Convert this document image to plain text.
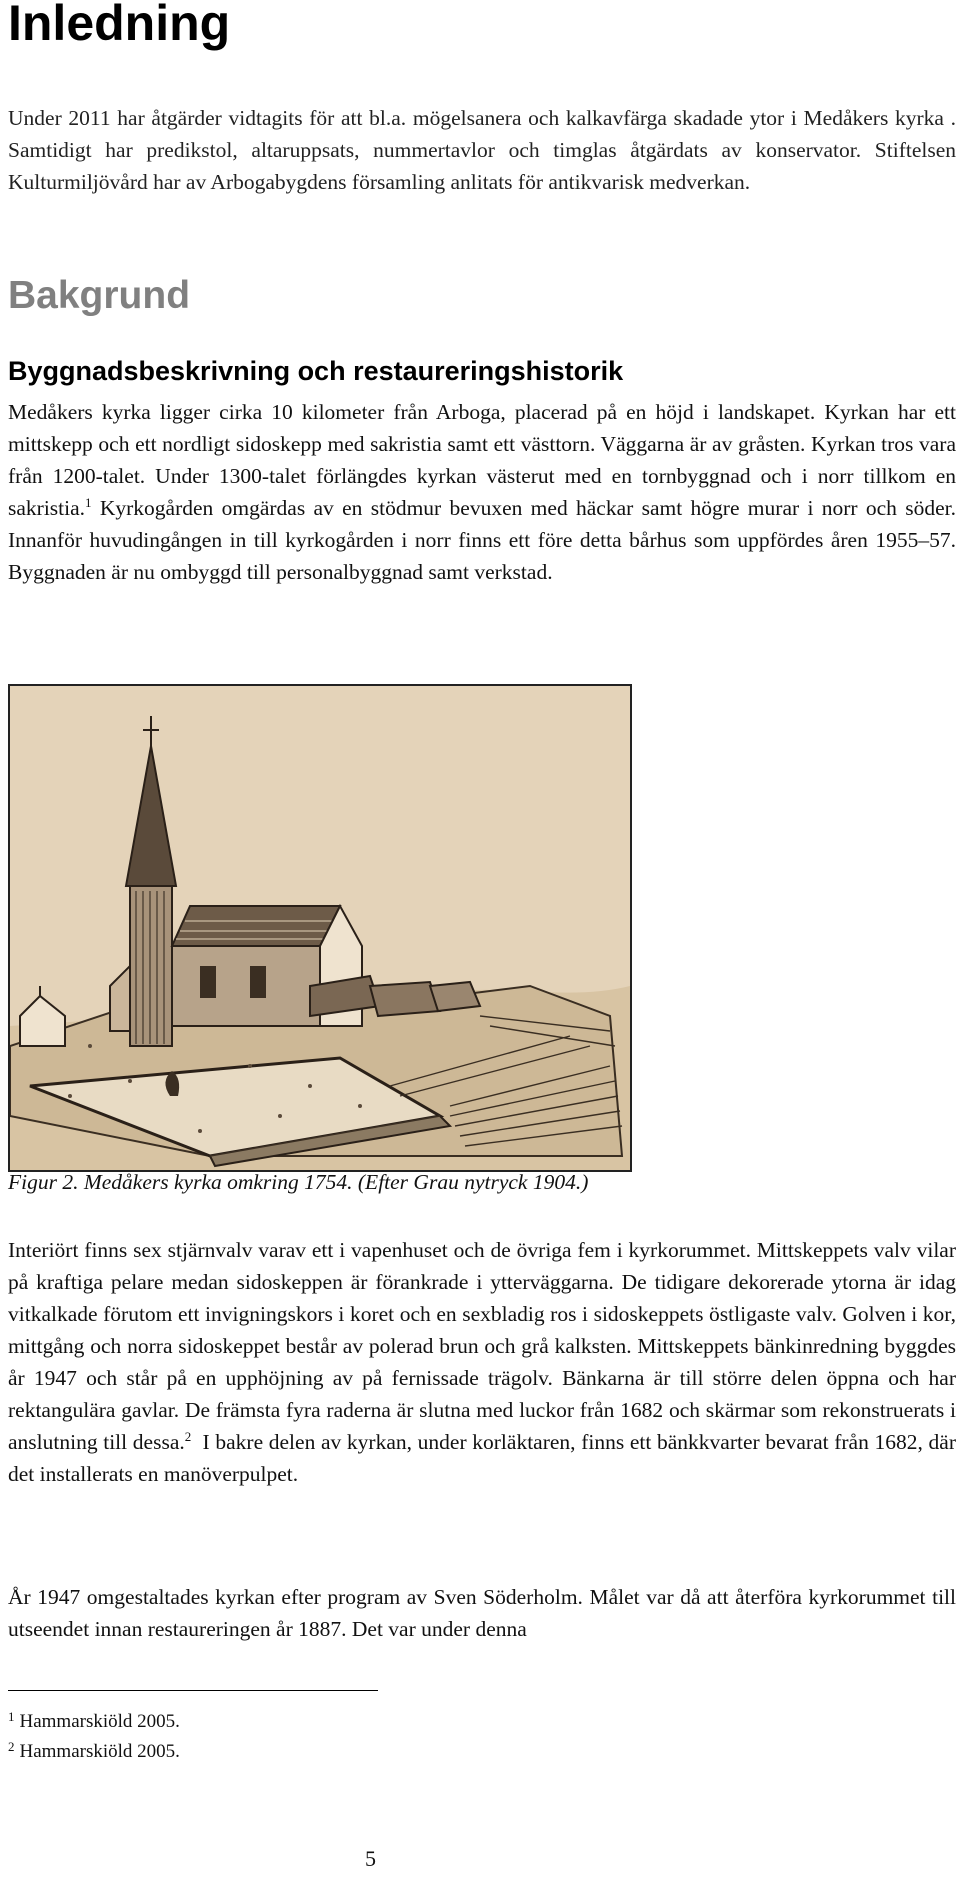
Inledning

Under 2011 har åtgärder vidtagits för att bl.a. mögelsanera och kalkavfärga skadade ytor i Medåkers kyrka . Samtidigt har predikstol, altaruppsats, nummertavlor och timglas åtgärdats av konservator. Stiftelsen Kulturmiljövård har av Arbogabygdens församling anlitats för antikvarisk medverkan.

Bakgrund
Byggnadsbeskrivning och restaureringshistorik

Medåkers kyrka ligger cirka 10 kilometer från Arboga, placerad på en höjd i landskapet. Kyrkan har ett mittskepp och ett nordligt sidoskepp med sakristia samt ett västtorn. Väggarna är av gråsten. Kyrkan tros vara från 1200-talet. Under 1300-talet förlängdes kyrkan västerut med en tornbyggnad och i norr tillkom en sakristia.$^1$ Kyrkogården omgärdas av en stödmur bevuxen med häckar samt högre murar i norr och söder. Innanför huvudingången in till kyrkogården i norr finns ett före detta bårhus som uppfördes åren 1955–57. Byggnaden är nu ombyggd till personalbyggnad samt verkstad.

Figur 2. Medåkers kyrka omkring 1754. (Efter Grau nytryck 1904.)

Interiört finns sex stjärnvalv varav ett i vapenhuset och de övriga fem i kyrkorummet. Mittskeppets valv vilar på kraftiga pelare medan sidoskeppen är förankrade i ytterväggarna. De tidigare dekorerade ytorna är idag vitkalkade förutom ett invigningskors i koret och en sexbladig ros i sidoskeppets östligaste valv. Golven i kor, mittgång och norra sidoskeppet består av polerad brun och grå kalksten. Mittskeppets bänkinredning byggdes år 1947 och står på en upphöjning av på fernissade trägolv. Bänkarna är till större delen öppna och har rektangulära gavlar. De främsta fyra raderna är slutna med luckor från 1682 och skärmar som rekonstruerats i anslutning till dessa.$^2$ I bakre delen av kyrkan, under korläktaren, finns ett bänkkvarter bevarat från 1682, där det installerats en manöverpulpet.

År 1947 omgestaltades kyrkan efter program av Sven Söderholm. Målet var då att återföra kyrkorummet till utseendet innan restaureringen år 1887. Det var under denna

$^1$ Hammarskiöld 2005.

$^2$ Hammarskiöld 2005.

5
